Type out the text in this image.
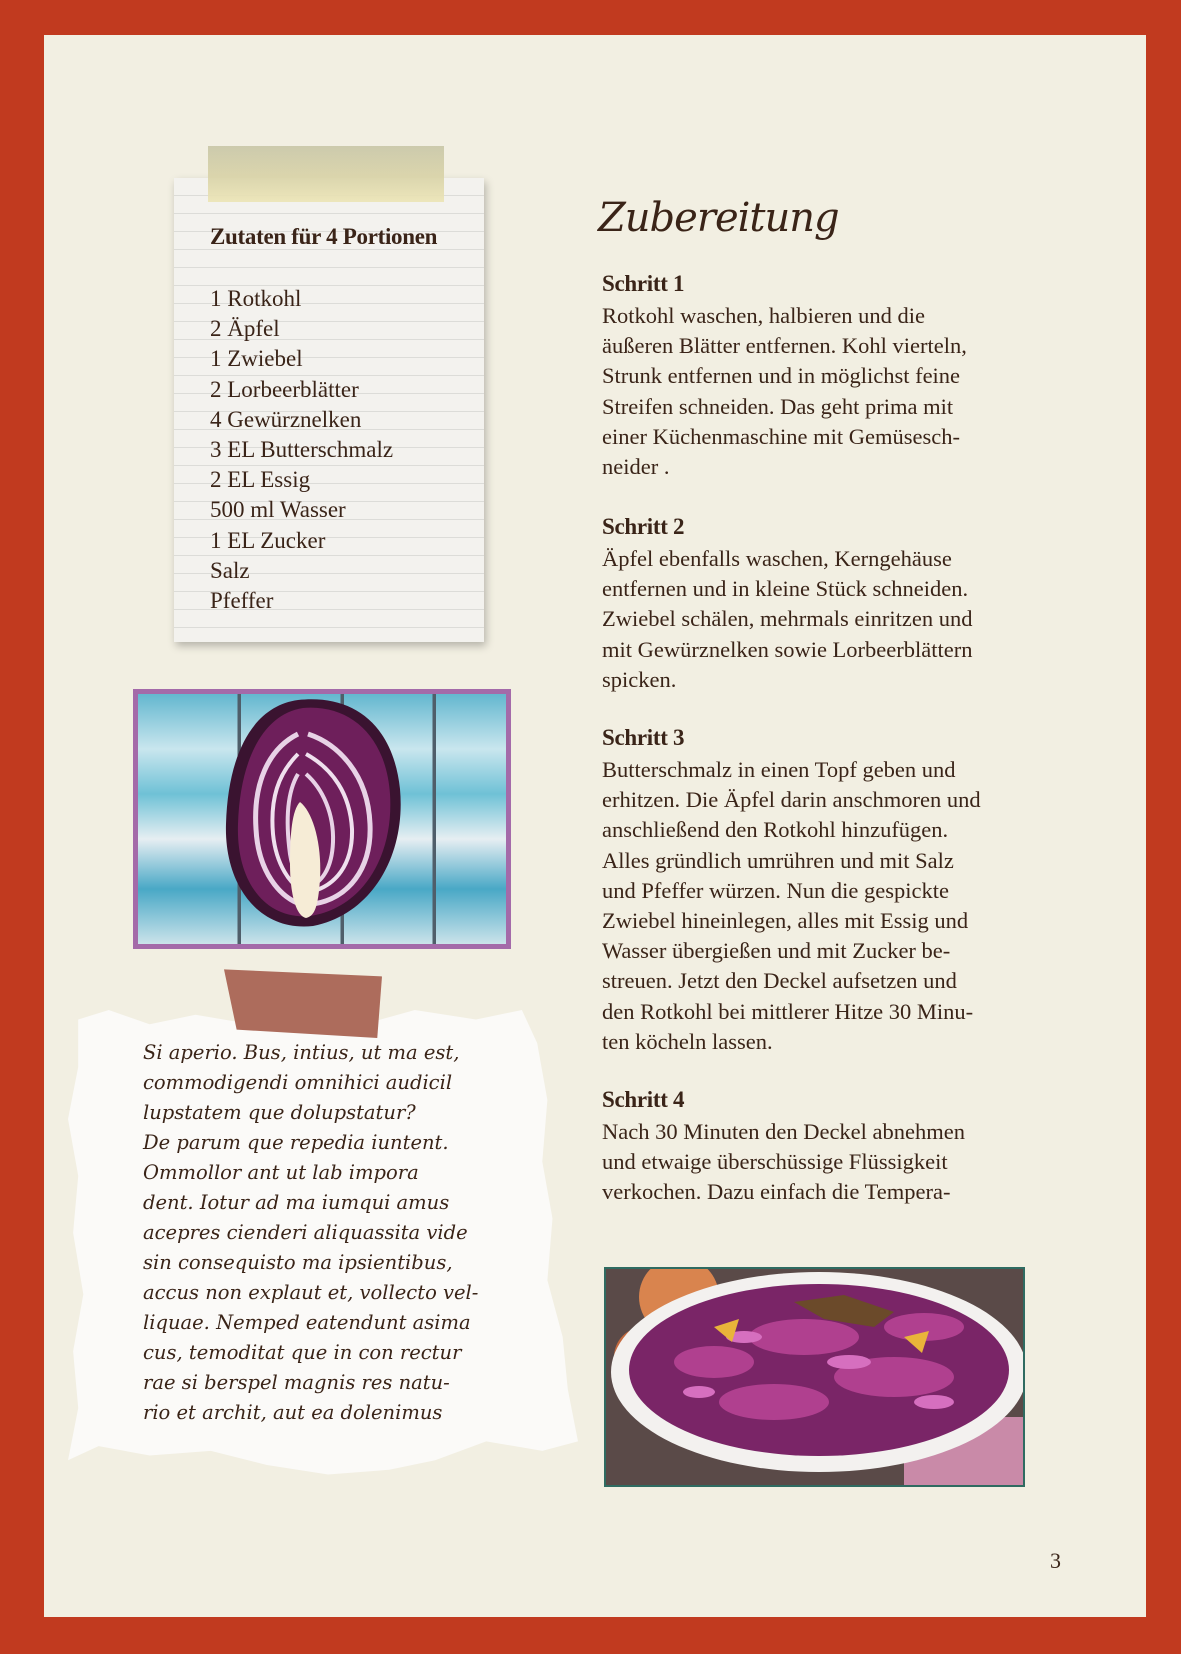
Zutaten für 4 Portionen
1 Rotkohl
2 Äpfel
1 Zwiebel
2 Lorbeerblätter
4 Gewürznelken
3 EL Butterschmalz
2 EL Essig
500 ml Wasser
1 EL Zucker
Salz
Pfeffer
Si aperio. Bus, intius, ut ma est,
commodigendi omnihici audicil
lupstatem que dolupstatur?
De parum que repedia iuntent.
Ommollor ant ut lab impora
dent. Iotur ad ma iumqui amus
acepres cienderi aliquassita vide
sin consequisto ma ipsientibus,
accus non explaut et, vollecto vel-
liquae. Nemped eatendunt asima
cus, temoditat que in con rectur
rae si berspel magnis res natu-
rio et archit, aut ea dolenimus
Zubereitung
Schritt 1
Rotkohl waschen, halbieren und die
äußeren Blätter entfernen. Kohl vierteln,
Strunk entfernen und in möglichst feine
Streifen schneiden. Das geht prima mit
einer Küchenmaschine mit Gemüsesch-
neider .
Schritt 2
Äpfel ebenfalls waschen, Kerngehäuse
entfernen und in kleine Stück schneiden.
Zwiebel schälen, mehrmals einritzen und
mit Gewürznelken sowie Lorbeerblättern
spicken.
Schritt 3
Butterschmalz in einen Topf geben und
erhitzen. Die Äpfel darin anschmoren und
anschließend den Rotkohl hinzufügen.
Alles gründlich umrühren und mit Salz
und Pfeffer würzen. Nun die gespickte
Zwiebel hineinlegen, alles mit Essig und
Wasser übergießen und mit Zucker be-
streuen. Jetzt den Deckel aufsetzen und
den Rotkohl bei mittlerer Hitze 30 Minu-
ten köcheln lassen.
Schritt 4
Nach 30 Minuten den Deckel abnehmen
und etwaige überschüssige Flüssigkeit
verkochen. Dazu einfach die Tempera-
3
